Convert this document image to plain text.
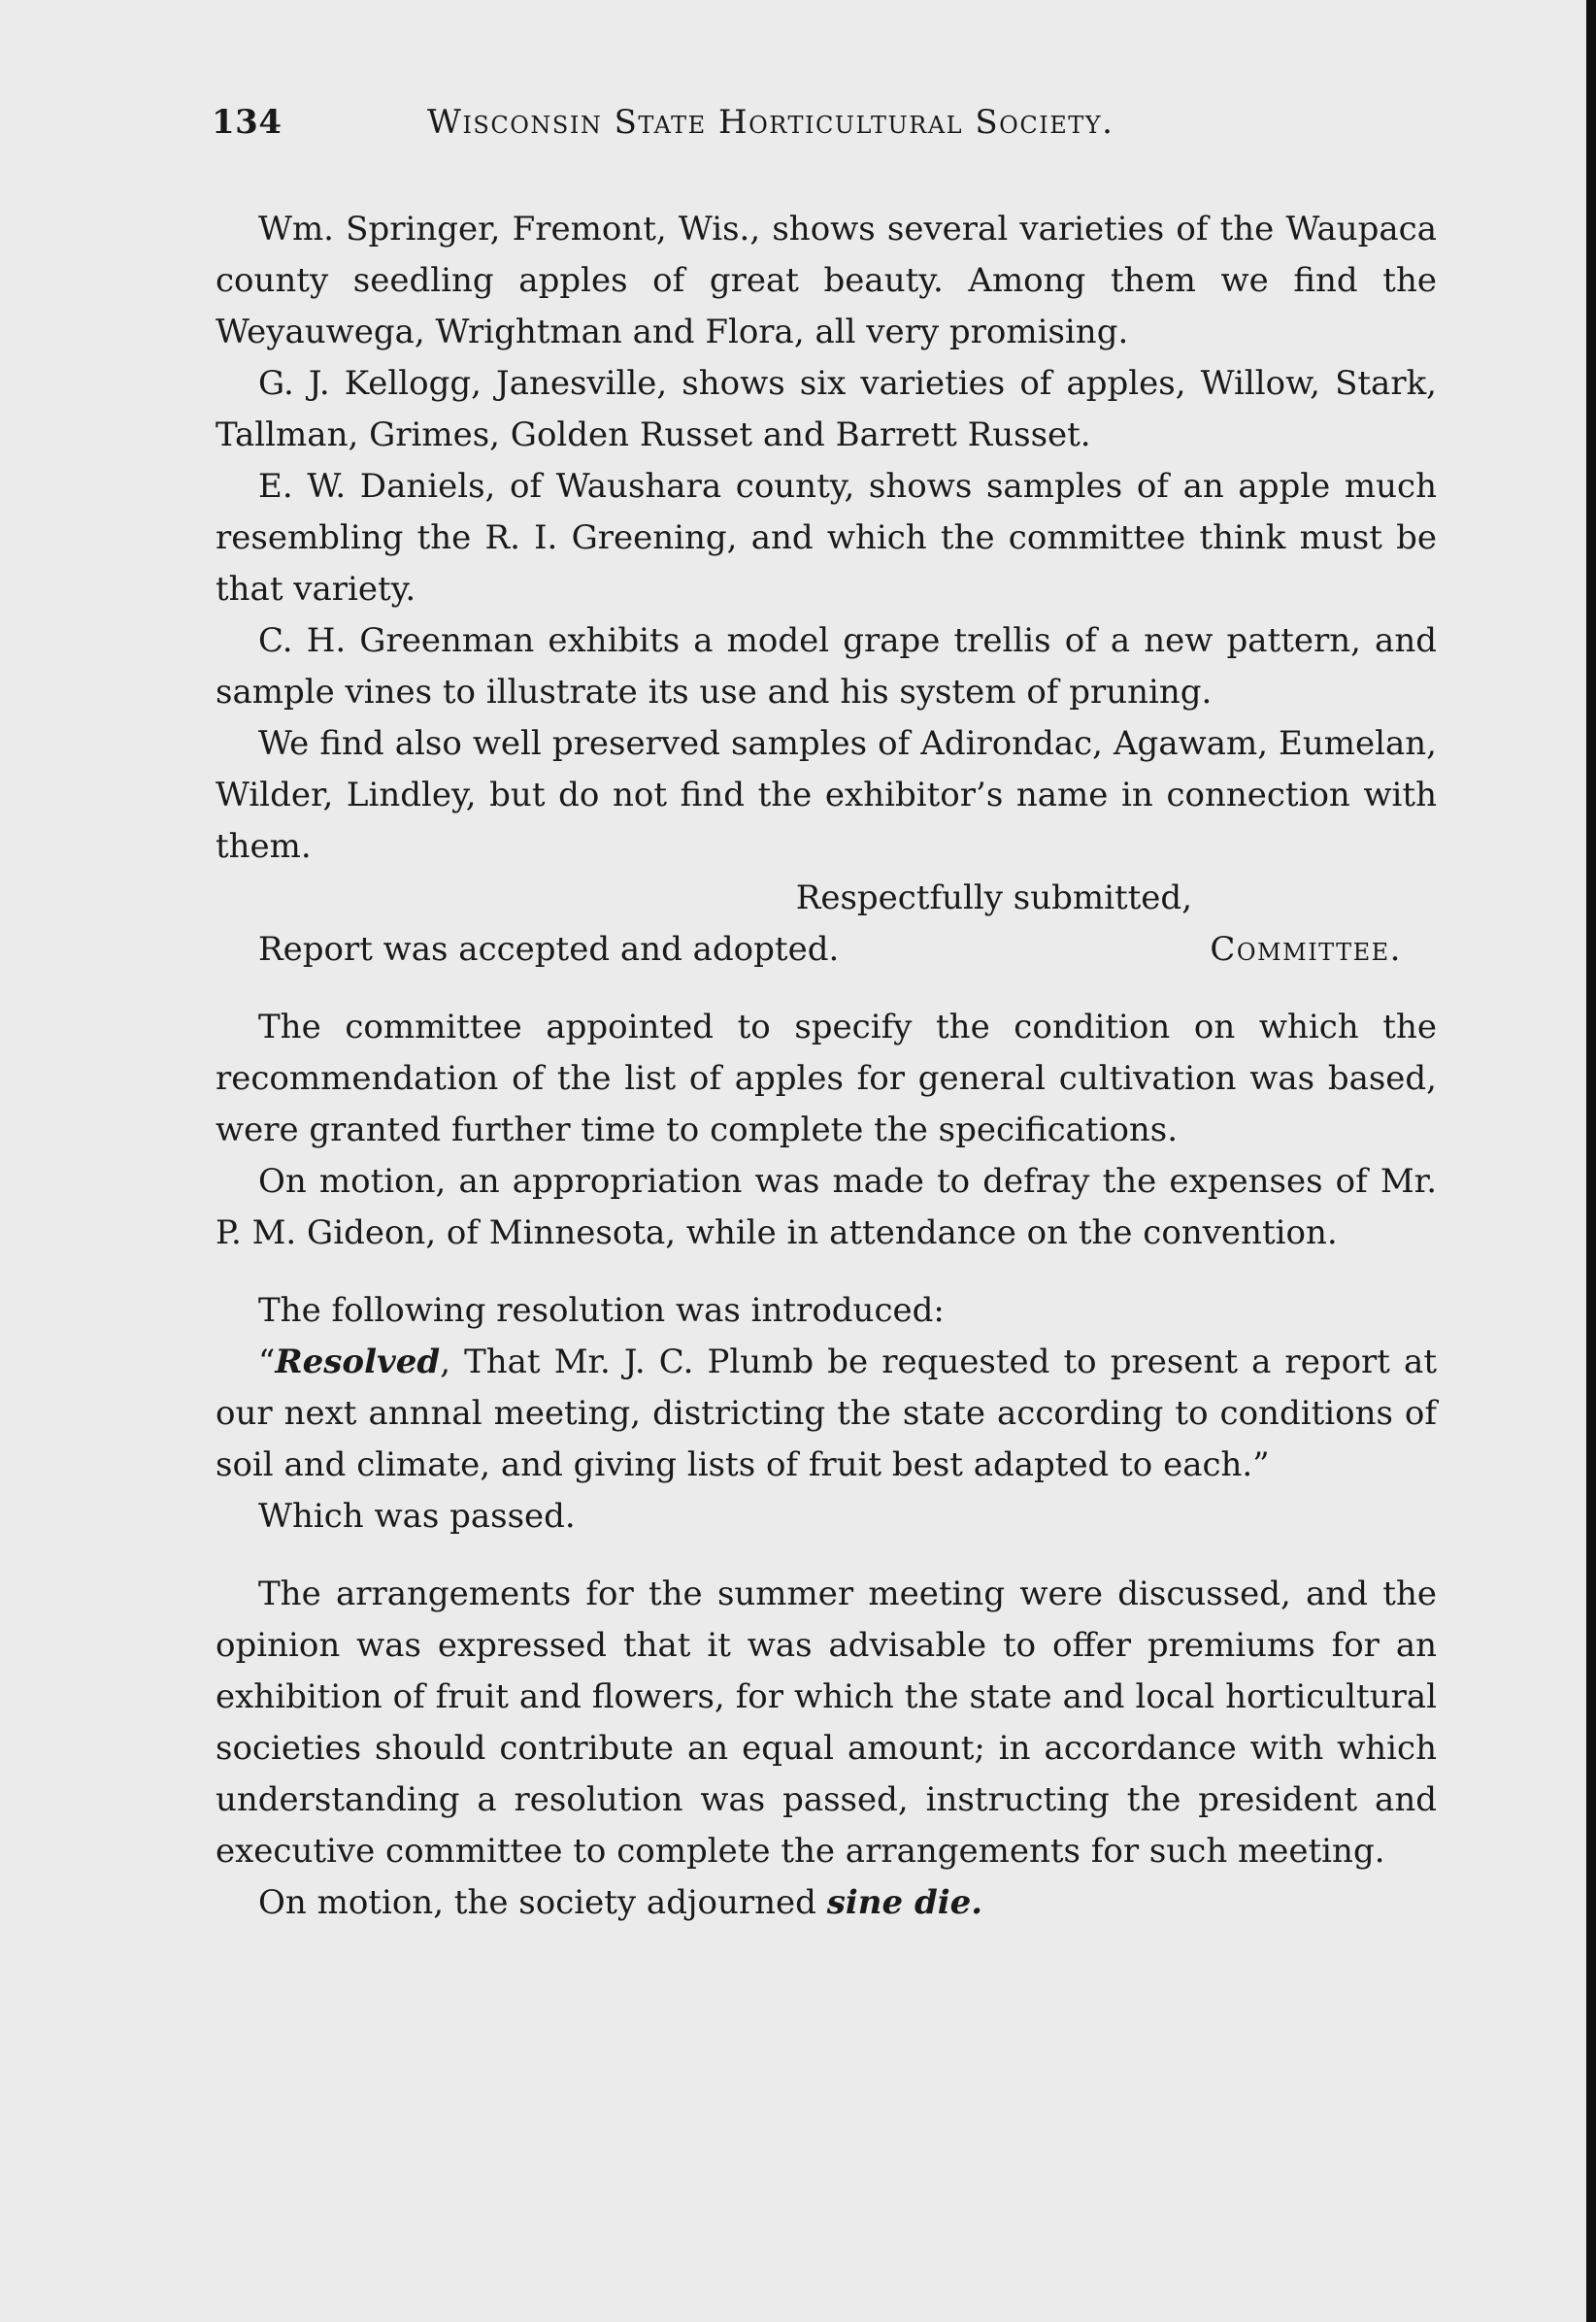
134	Wisconsin State Horticultural Society.

Wm. Springer, Fremont, Wis., shows several varieties of the Waupaca county seedling apples of great beauty. Among them we find the Weyauwega, Wrightman and Flora, all very promising.

G. J. Kellogg, Janesville, shows six varieties of apples, Willow, Stark, Tallman, Grimes, Golden Russet and Barrett Russet.

E. W. Daniels, of Waushara county, shows samples of an apple much resembling the R. I. Greening, and which the committee think must be that variety.

C. H. Greenman exhibits a model grape trellis of a new pattern, and sample vines to illustrate its use and his system of pruning.

We find also well preserved samples of Adirondac, Agawam, Eumelan, Wilder, Lindley, but do not find the exhibitor’s name in connection with them.

Respectfully submitted,

Committee.

Report was accepted and adopted.

The committee appointed to specify the condition on which the recommendation of the list of apples for general cultivation was based, were granted further time to complete the specifications.

On motion, an appropriation was made to defray the expenses of Mr. P. M. Gideon, of Minnesota, while in attendance on the convention.

The following resolution was introduced:

“Resolved, That Mr. J. C. Plumb be requested to present a report at our next annnal meeting, districting the state according to conditions of soil and climate, and giving lists of fruit best adapted to each.”

Which was passed.

The arrangements for the summer meeting were discussed, and the opinion was expressed that it was advisable to offer premiums for an exhibition of fruit and flowers, for which the state and local horticultural societies should contribute an equal amount; in accordance with which understanding a resolution was passed, instructing the president and executive committee to complete the arrangements for such meeting.

On motion, the society adjourned sine die.
